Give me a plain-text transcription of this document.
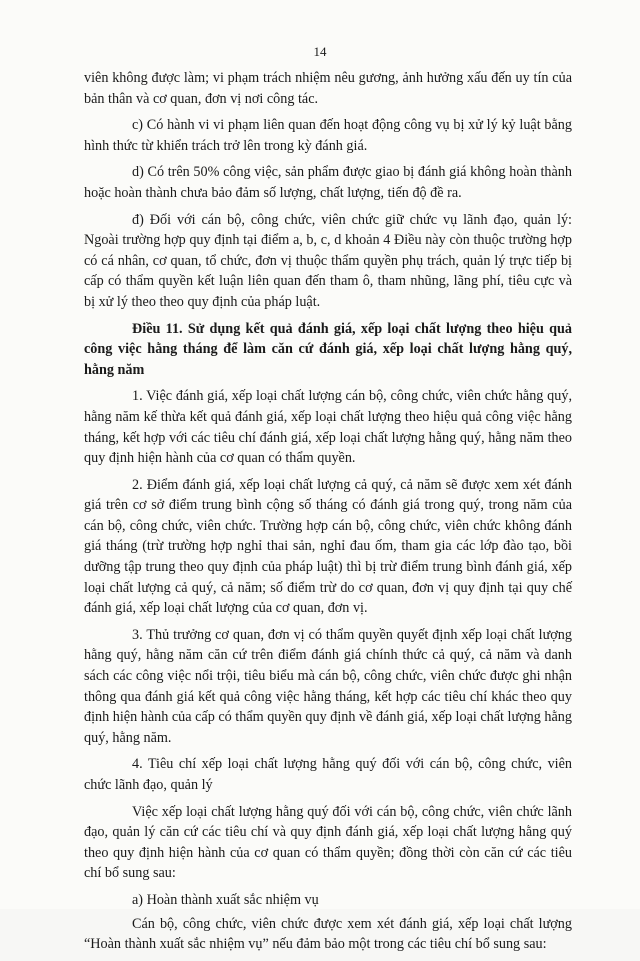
14

viên không được làm; vi phạm trách nhiệm nêu gương, ảnh hưởng xấu đến uy tín của bản thân và cơ quan, đơn vị nơi công tác.

c) Có hành vi vi phạm liên quan đến hoạt động công vụ bị xử lý kỷ luật bằng hình thức từ khiển trách trở lên trong kỳ đánh giá.

d) Có trên 50% công việc, sản phẩm được giao bị đánh giá không hoàn thành hoặc hoàn thành chưa bảo đảm số lượng, chất lượng, tiến độ đề ra.

đ) Đối với cán bộ, công chức, viên chức giữ chức vụ lãnh đạo, quản lý: Ngoài trường hợp quy định tại điểm a, b, c, d khoản 4 Điều này còn thuộc trường hợp có cá nhân, cơ quan, tổ chức, đơn vị thuộc thẩm quyền phụ trách, quản lý trực tiếp bị cấp có thẩm quyền kết luận liên quan đến tham ô, tham nhũng, lãng phí, tiêu cực và bị xử lý theo theo quy định của pháp luật.

Điều 11. Sử dụng kết quả đánh giá, xếp loại chất lượng theo hiệu quả công việc hằng tháng để làm căn cứ đánh giá, xếp loại chất lượng hằng quý, hằng năm

1. Việc đánh giá, xếp loại chất lượng cán bộ, công chức, viên chức hằng quý, hằng năm kế thừa kết quả đánh giá, xếp loại chất lượng theo hiệu quả công việc hằng tháng, kết hợp với các tiêu chí đánh giá, xếp loại chất lượng hằng quý, hằng năm theo quy định hiện hành của cơ quan có thẩm quyền.

2. Điểm đánh giá, xếp loại chất lượng cả quý, cả năm sẽ được xem xét đánh giá trên cơ sở điểm trung bình cộng số tháng có đánh giá trong quý, trong năm của cán bộ, công chức, viên chức. Trường hợp cán bộ, công chức, viên chức không đánh giá tháng (trừ trường hợp nghỉ thai sản, nghỉ đau ốm, tham gia các lớp đào tạo, bồi dưỡng tập trung theo quy định của pháp luật) thì bị trừ điểm trung bình đánh giá, xếp loại chất lượng cả quý, cả năm; số điểm trừ do cơ quan, đơn vị quy định tại quy chế đánh giá, xếp loại chất lượng của cơ quan, đơn vị.

3. Thủ trưởng cơ quan, đơn vị có thẩm quyền quyết định xếp loại chất lượng hằng quý, hằng năm căn cứ trên điểm đánh giá chính thức cả quý, cả năm và danh sách các công việc nổi trội, tiêu biểu mà cán bộ, công chức, viên chức được ghi nhận thông qua đánh giá kết quả công việc hằng tháng, kết hợp các tiêu chí khác theo quy định hiện hành của cấp có thẩm quyền quy định về đánh giá, xếp loại chất lượng hằng quý, hằng năm.

4. Tiêu chí xếp loại chất lượng hằng quý đối với cán bộ, công chức, viên chức lãnh đạo, quản lý

Việc xếp loại chất lượng hằng quý đối với cán bộ, công chức, viên chức lãnh đạo, quản lý căn cứ các tiêu chí và quy định đánh giá, xếp loại chất lượng hằng quý theo quy định hiện hành của cơ quan có thẩm quyền; đồng thời còn căn cứ các tiêu chí bổ sung sau:

a) Hoàn thành xuất sắc nhiệm vụ

Cán bộ, công chức, viên chức được xem xét đánh giá, xếp loại chất lượng “Hoàn thành xuất sắc nhiệm vụ” nếu đảm bảo một trong các tiêu chí bổ sung sau:
